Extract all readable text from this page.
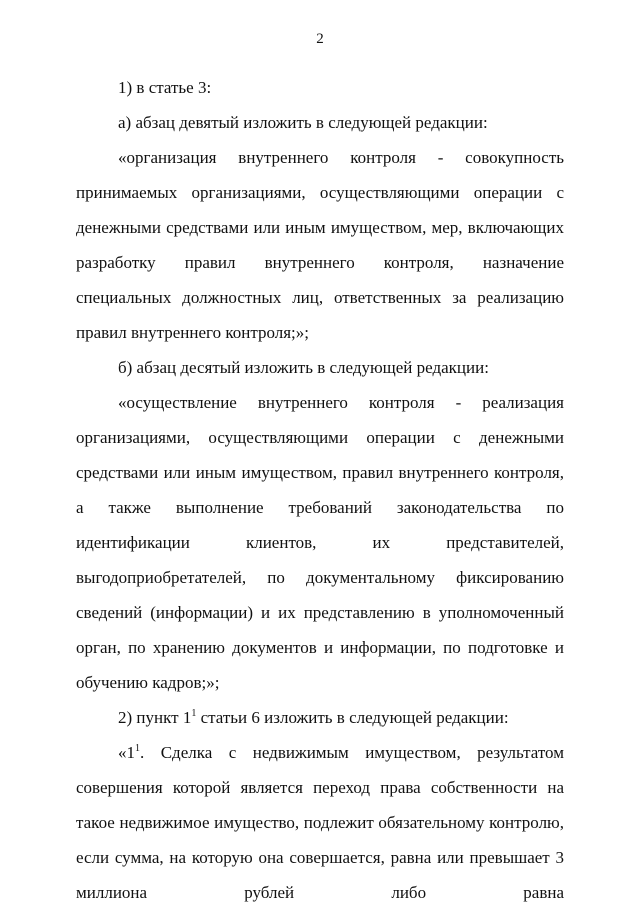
2

1) в статье 3:

а) абзац девятый изложить в следующей редакции:

«организация внутреннего контроля - совокупность принимаемых организациями, осуществляющими операции с денежными средствами или иным имуществом, мер, включающих разработку правил внутреннего контроля, назначение специальных должностных лиц, ответственных за реализацию правил внутреннего контроля;»;

б) абзац десятый изложить в следующей редакции:

«осуществление внутреннего контроля - реализация организациями, осуществляющими операции с денежными средствами или иным имуществом, правил внутреннего контроля, а также выполнение требований законодательства по идентификации клиентов, их представителей, выгодоприобретателей, по документальному фиксированию сведений (информации) и их представлению в уполномоченный орган, по хранению документов и информации, по подготовке и обучению кадров;»;

2) пункт $1^1$ статьи 6 изложить в следующей редакции:

«$1^1$. Сделка с недвижимым имуществом, результатом совершения которой является переход права собственности на такое недвижимое имущество, подлежит обязательному контролю, если сумма, на которую она совершается, равна или превышает 3 миллиона рублей либо равна
